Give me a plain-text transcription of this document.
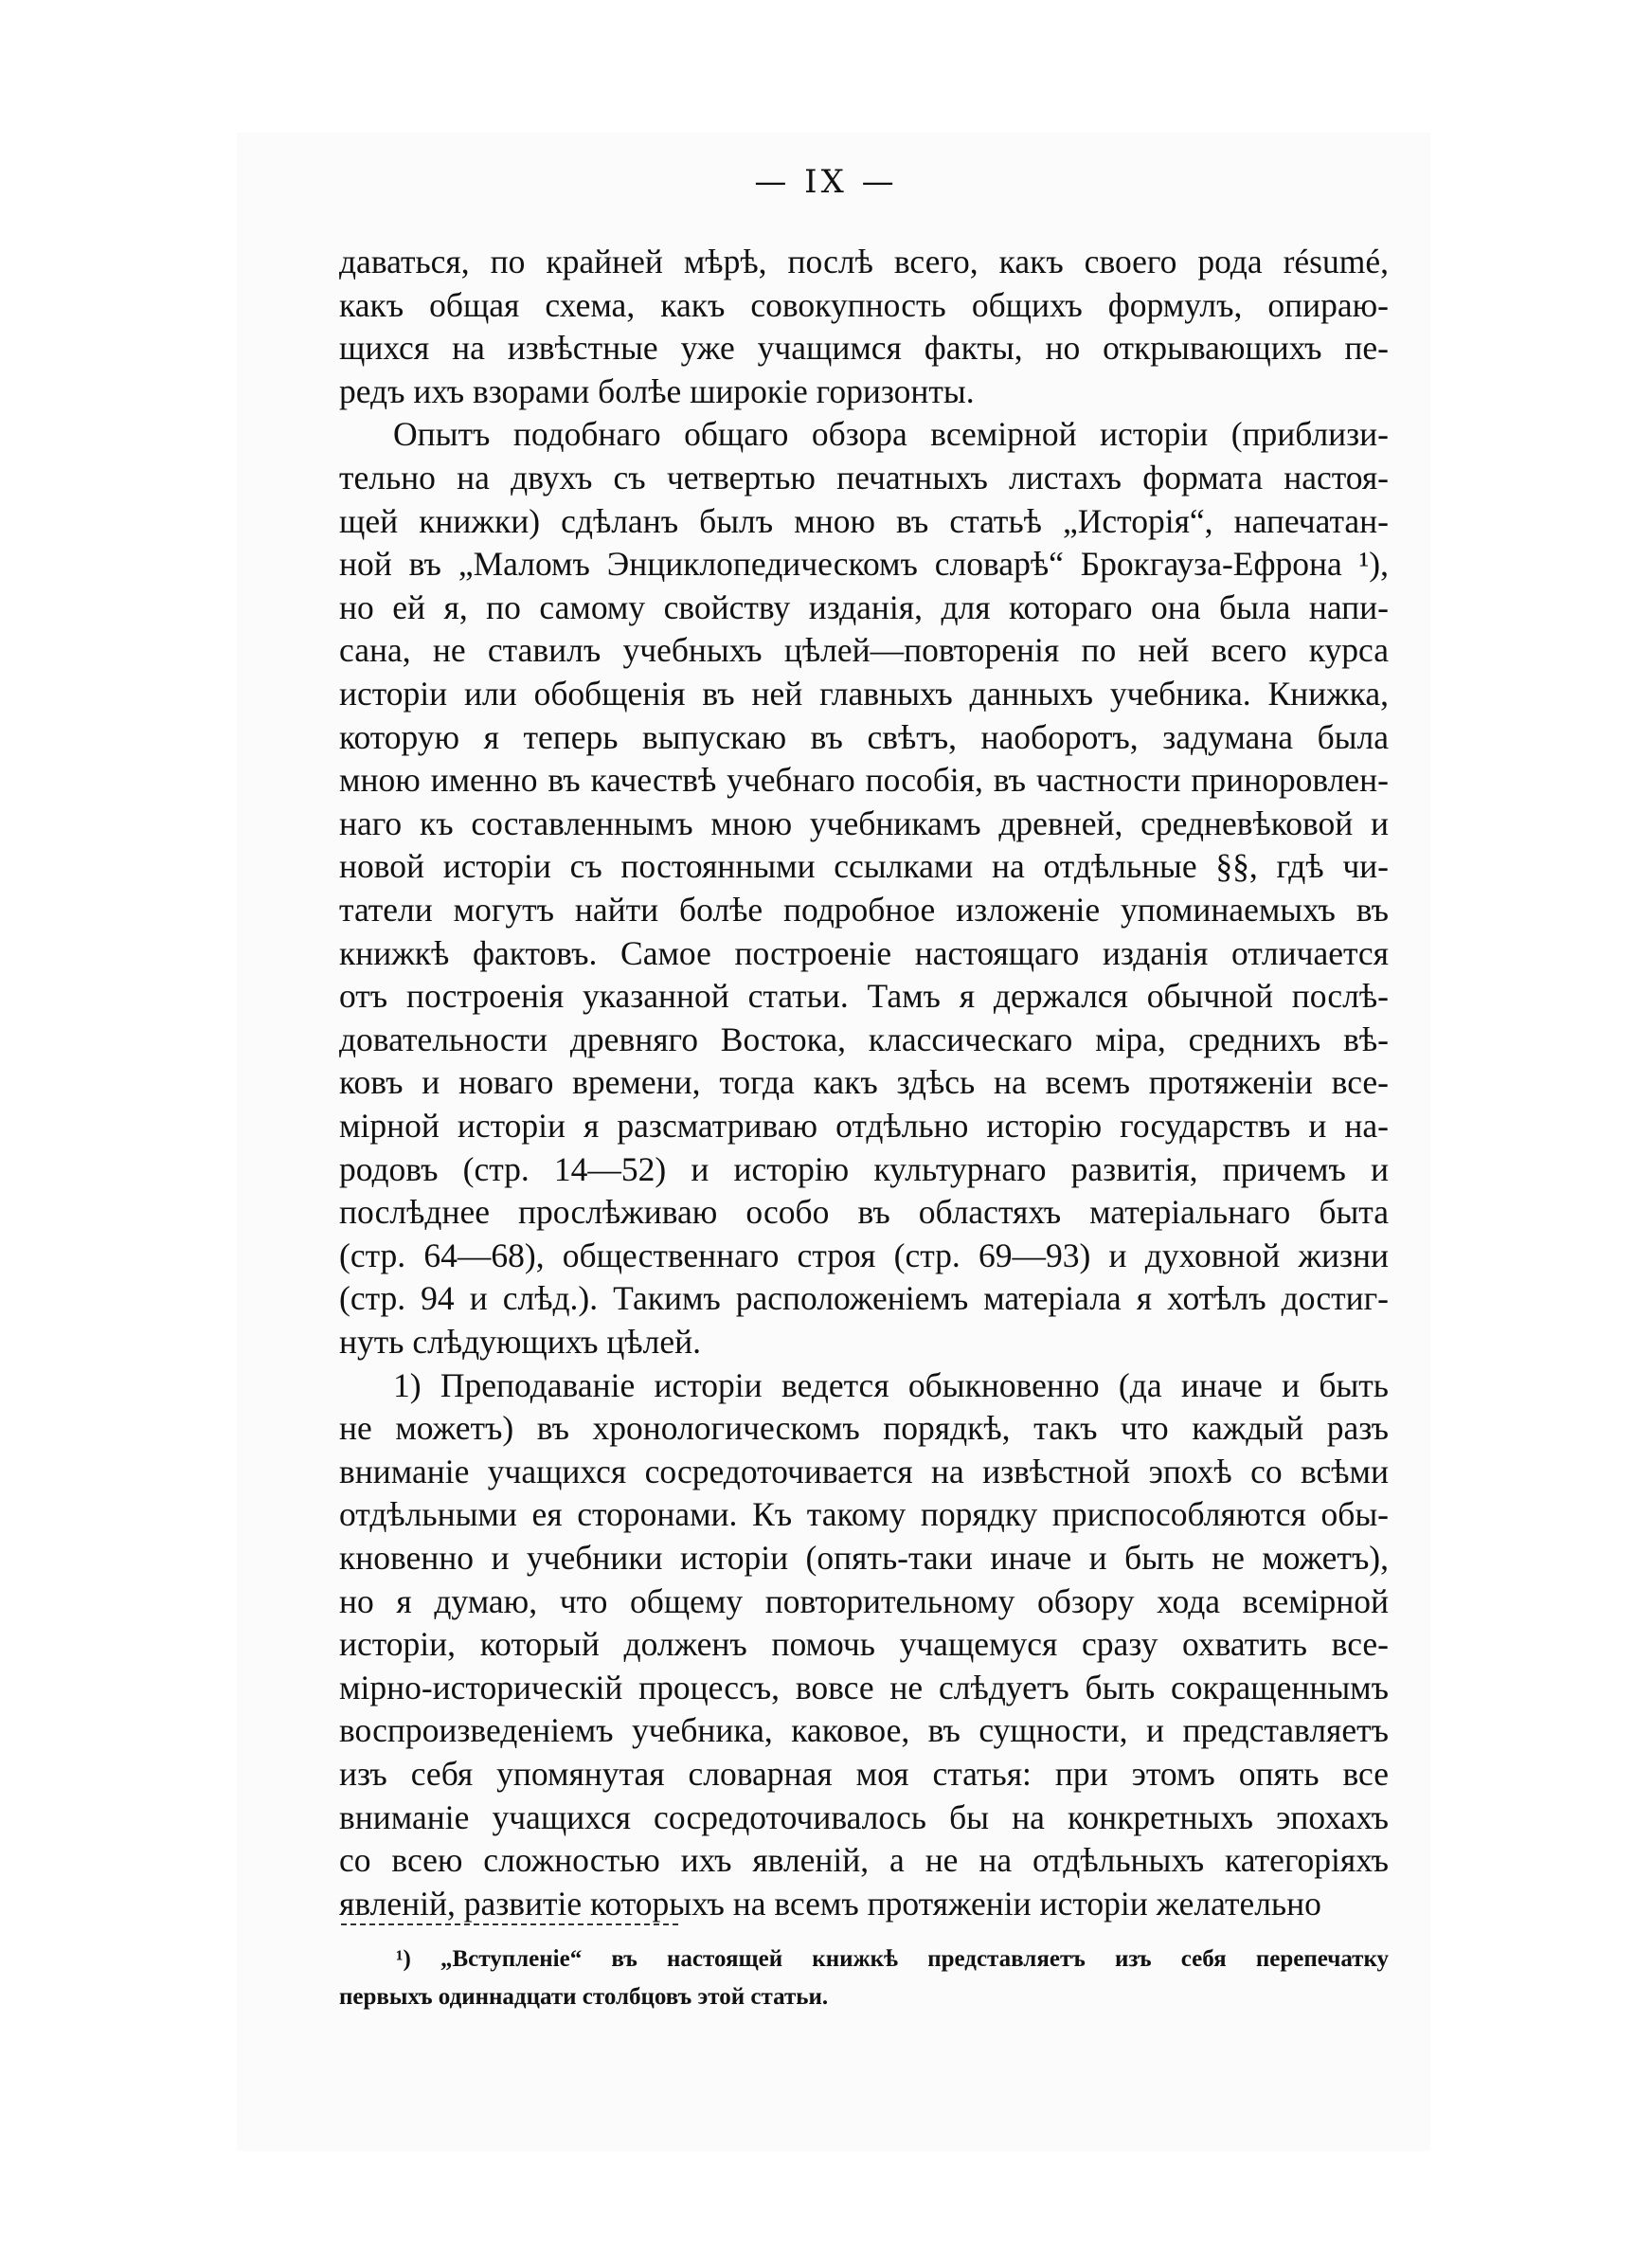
— IX —
даваться, по крайней мѣрѣ, послѣ всего, какъ своего рода résumé,
какъ общая схема, какъ совокупность общихъ формулъ, опираю-
щихся на извѣстные уже учащимся факты, но открывающихъ пе-
редъ ихъ взорами болѣе широкіе горизонты.
Опытъ подобнаго общаго обзора всемірной исторіи (приблизи-
тельно на двухъ съ четвертью печатныхъ листахъ формата настоя-
щей книжки) сдѣланъ былъ мною въ статьѣ „Исторія“, напечатан-
ной въ „Маломъ Энциклопедическомъ словарѣ“ Брокгауза-Ефрона ¹),
но ей я, по самому свойству изданія, для котораго она была напи-
сана, не ставилъ учебныхъ цѣлей—повторенія по ней всего курса
исторіи или обобщенія въ ней главныхъ данныхъ учебника. Книжка,
которую я теперь выпускаю въ свѣтъ, наоборотъ, задумана была
мною именно въ качествѣ учебнаго пособія, въ частности приноровлен-
наго къ составленнымъ мною учебникамъ древней, средневѣковой и
новой исторіи съ постоянными ссылками на отдѣльные §§, гдѣ чи-
татели могутъ найти болѣе подробное изложеніе упоминаемыхъ въ
книжкѣ фактовъ. Самое построеніе настоящаго изданія отличается
отъ построенія указанной статьи. Тамъ я держался обычной послѣ-
довательности древняго Востока, классическаго міра, среднихъ вѣ-
ковъ и новаго времени, тогда какъ здѣсь на всемъ протяженіи все-
мірной исторіи я разсматриваю отдѣльно исторію государствъ и на-
родовъ (стр. 14—52) и исторію культурнаго развитія, причемъ и
послѣднее прослѣживаю особо въ областяхъ матеріальнаго быта
(стр. 64—68), общественнаго строя (стр. 69—93) и духовной жизни
(стр. 94 и слѣд.). Такимъ расположеніемъ матеріала я хотѣлъ достиг-
нуть слѣдующихъ цѣлей.
1) Преподаваніе исторіи ведется обыкновенно (да иначе и быть
не можетъ) въ хронологическомъ порядкѣ, такъ что каждый разъ
вниманіе учащихся сосредоточивается на извѣстной эпохѣ со всѣми
отдѣльными ея сторонами. Къ такому порядку приспособляются обы-
кновенно и учебники исторіи (опять-таки иначе и быть не можетъ),
но я думаю, что общему повторительному обзору хода всемірной
исторіи, который долженъ помочь учащемуся сразу охватить все-
мірно-историческій процессъ, вовсе не слѣдуетъ быть сокращеннымъ
воспроизведеніемъ учебника, каковое, въ сущности, и представляетъ
изъ себя упомянутая словарная моя статья: при этомъ опять все
вниманіе учащихся сосредоточивалось бы на конкретныхъ эпохахъ
со всею сложностью ихъ явленій, а не на отдѣльныхъ категоріяхъ
явленій, развитіе которыхъ на всемъ протяженіи исторіи желательно
¹) „Вступленіе“ въ настоящей книжкѣ представляетъ изъ себя перепечатку
первыхъ одиннадцати столбцовъ этой статьи.
